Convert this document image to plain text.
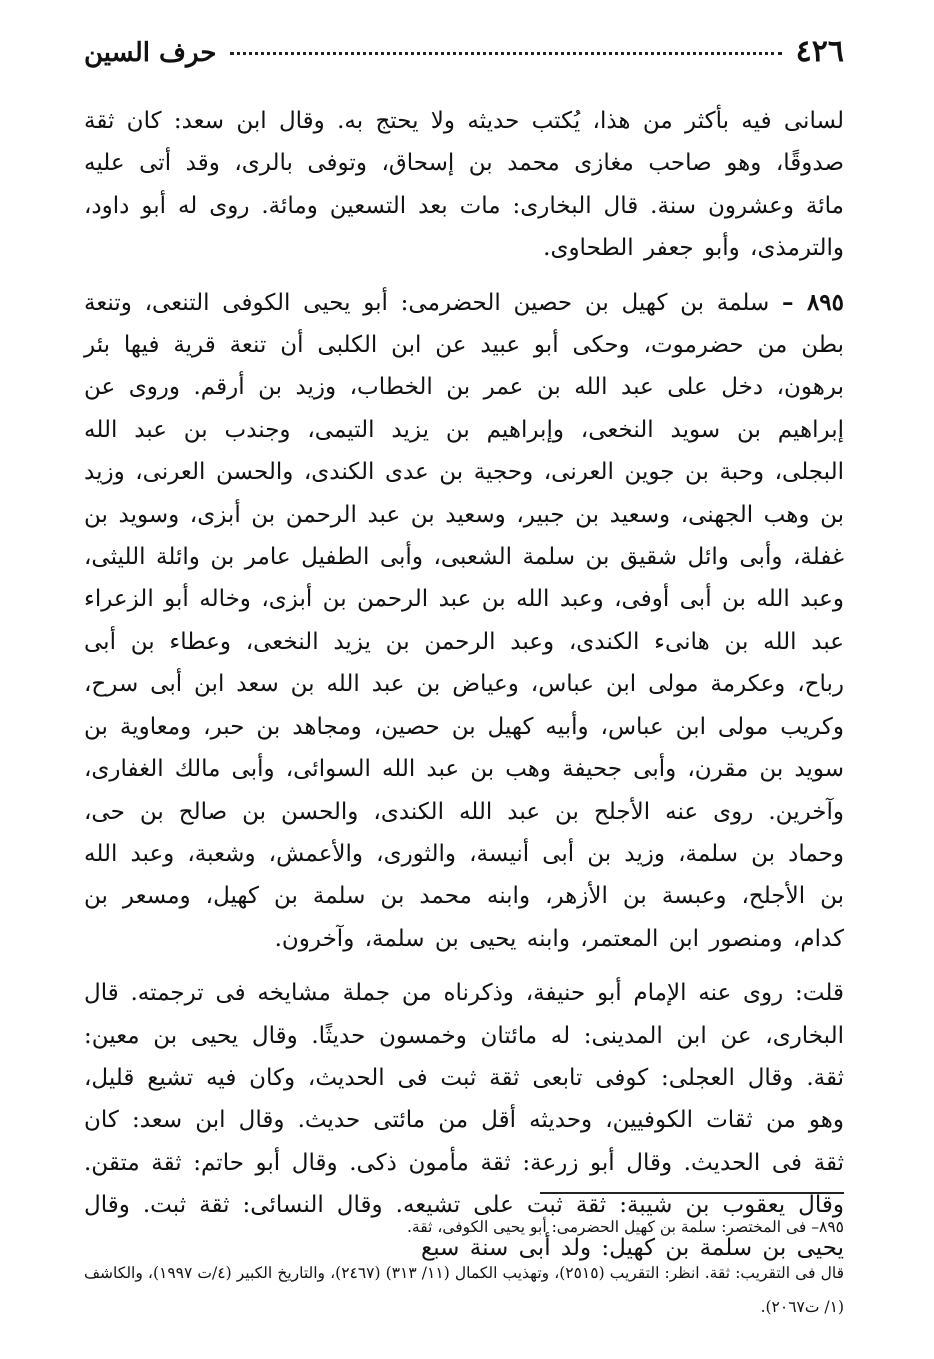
٤٢٦
حرف السين

لسانى فيه بأكثر من هذا، يُكتب حديثه ولا يحتج به. وقال ابن سعد: كان ثقة صدوقًا، وهو صاحب مغازى محمد بن إسحاق، وتوفى بالرى، وقد أتى عليه مائة وعشرون سنة. قال البخارى: مات بعد التسعين ومائة. روى له أبو داود، والترمذى، وأبو جعفر الطحاوى.

٨٩٥ – سلمة بن كهيل بن حصين الحضرمى: أبو يحيى الكوفى التنعى، وتنعة بطن من حضرموت، وحكى أبو عبيد عن ابن الكلبى أن تنعة قرية فيها بئر برهون، دخل على عبد الله بن عمر بن الخطاب، وزيد بن أرقم. وروى عن إبراهيم بن سويد النخعى، وإبراهيم بن يزيد التيمى، وجندب بن عبد الله البجلى، وحبة بن جوين العرنى، وحجية بن عدى الكندى، والحسن العرنى، وزيد بن وهب الجهنى، وسعيد بن جبير، وسعيد بن عبد الرحمن بن أبزى، وسويد بن غفلة، وأبى وائل شقيق بن سلمة الشعبى، وأبى الطفيل عامر بن وائلة الليثى، وعبد الله بن أبى أوفى، وعبد الله بن عبد الرحمن بن أبزى، وخاله أبو الزعراء عبد الله بن هانىء الكندى، وعبد الرحمن بن يزيد النخعى، وعطاء بن أبى رباح، وعكرمة مولى ابن عباس، وعياض بن عبد الله بن سعد ابن أبى سرح، وكريب مولى ابن عباس، وأبيه كهيل بن حصين، ومجاهد بن حبر، ومعاوية بن سويد بن مقرن، وأبى جحيفة وهب بن عبد الله السوائى، وأبى مالك الغفارى، وآخرين. روى عنه الأجلح بن عبد الله الكندى، والحسن بن صالح بن حى، وحماد بن سلمة، وزيد بن أبى أنيسة، والثورى، والأعمش، وشعبة، وعبد الله بن الأجلح، وعبسة بن الأزهر، وابنه محمد بن سلمة بن كهيل، ومسعر بن كدام، ومنصور ابن المعتمر، وابنه يحيى بن سلمة، وآخرون.

قلت: روى عنه الإمام أبو حنيفة، وذكرناه من جملة مشايخه فى ترجمته. قال البخارى، عن ابن المدينى: له مائتان وخمسون حديثًا. وقال يحيى بن معين: ثقة. وقال العجلى: كوفى تابعى ثقة ثبت فى الحديث، وكان فيه تشيع قليل، وهو من ثقات الكوفيين، وحديثه أقل من مائتى حديث. وقال ابن سعد: كان ثقة فى الحديث. وقال أبو زرعة: ثقة مأمون ذكى. وقال أبو حاتم: ثقة متقن. وقال يعقوب بن شيبة: ثقة ثبت على تشيعه. وقال النسائى: ثقة ثبت. وقال يحيى بن سلمة بن كهيل: ولد أبى سنة سبع

٨٩٥– فى المختصر: سلمة بن كهيل الحضرمى: أبو يحيى الكوفى، ثقة.

قال فى التقريب: ثقة. انظر: التقريب (٢٥١٥)، وتهذيب الكمال (١١/ ٣١٣) (٢٤٦٧)، والتاريخ الكبير (٤/ت ١٩٩٧)، والكاشف (١/ ت٢٠٦٧).
